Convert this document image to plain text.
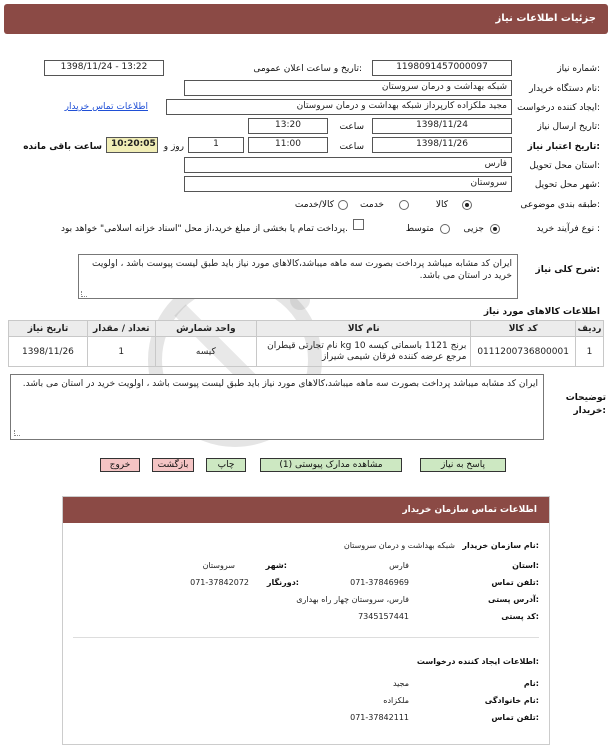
جزئیات اطلاعات نیاز
شماره نیاز:
1198091457000097
تاریخ و ساعت اعلان عمومی:
1398/11/24 - 13:22
نام دستگاه خریدار:
شبکه بهداشت و درمان سروستان
ایجاد کننده درخواست:
مجید ملکزاده کارپرداز شبکه بهداشت و درمان سروستان
اطلاعات تماس خریدار
تاریخ ارسال نیاز:
1398/11/24
ساعت
13:20
تاریخ اعتبار نیاز:
1398/11/26
ساعت
11:00
1
روز و
10:20:05
ساعت باقی مانده
استان محل تحویل:
فارس
شهر محل تحویل:
سروستان
طبقه بندی موضوعی:
کالا
خدمت
کالا/خدمت
نوع فرآیند خرید :
جزیی
متوسط
پرداخت تمام یا بخشی از مبلغ خرید،از محل "اسناد خزانه اسلامی" خواهد بود.
شرح کلی نیاز:
ایران کد مشابه میباشد پرداخت بصورت سه ماهه میباشد،کالاهای مورد نیاز باید طبق لیست پیوست باشد ، اولویت خرید در استان می باشد.
اطلاعات کالاهای مورد نیاز
تاریخ نیاز	تعداد / مقدار	واحد شمارش	نام کالا	کد کالا	ردیف
1398/11/26	1	کیسه	برنج 1121 باسماتی کیسه 10 kg نام تجارتی قیطران مرجع عرضه کننده فرقان شیمی شیراز	0111200736800001	1
توضیحات خریدار:
ایران کد مشابه میباشد پرداخت بصورت سه ماهه میباشد،کالاهای مورد نیاز باید طبق لیست پیوست باشد ، اولویت خرید در استان می باشد.
پاسخ به نیاز
مشاهده مدارک پیوستی (1)
چاپ
بازگشت
خروج
اطلاعات تماس سازمان خریدار
نام سازمان خریدار:
شبکه بهداشت و درمان سروستان
استان:
فارس
شهر:
سروستان
تلفن تماس:
071-37846969
دورنگار:
071-37842072
آدرس پستی:
فارس، سروستان چهار راه بهداری
کد پستی:
7345157441
اطلاعات ایجاد کننده درخواست:
نام:
مجید
نام خانوادگی:
ملکزاده
تلفن تماس:
071-37842111
